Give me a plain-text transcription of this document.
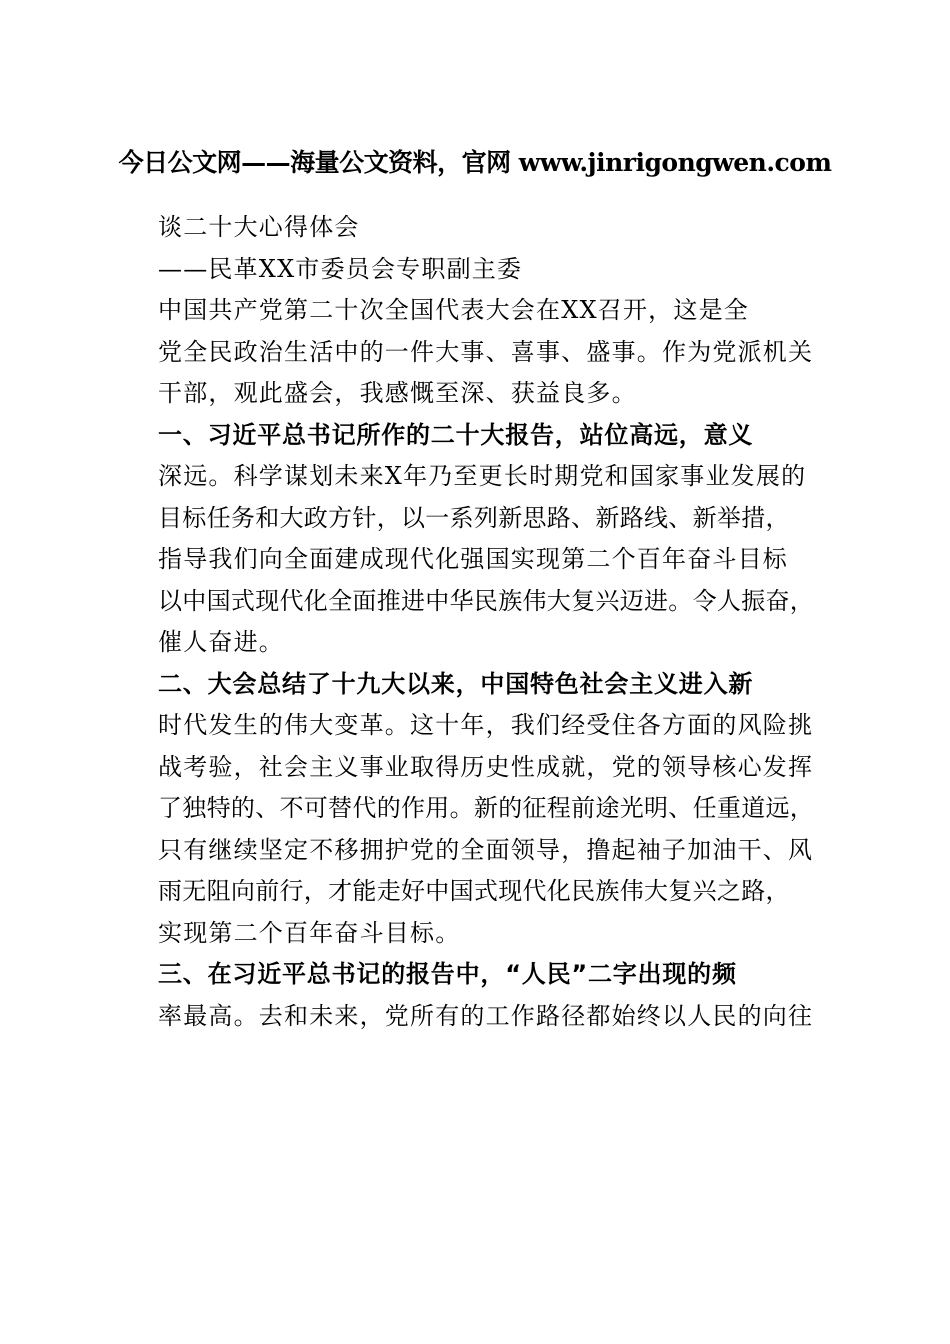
今日公文网——海量公文资料，官网 www.jinrigongwen.com
谈二十大心得体会
——民革XX市委员会专职副主委
中国共产党第二十次全国代表大会在XX召开，这是全
党全民政治生活中的一件大事、喜事、盛事。作为党派机关
干部，观此盛会，我感慨至深、获益良多。
一、习近平总书记所作的二十大报告，站位高远，意义
深远。科学谋划未来X年乃至更长时期党和国家事业发展的
目标任务和大政方针，以一系列新思路、新路线、新举措，
指导我们向全面建成现代化强国实现第二个百年奋斗目标
以中国式现代化全面推进中华民族伟大复兴迈进。令人振奋，
催人奋进。
二、大会总结了十九大以来，中国特色社会主义进入新
时代发生的伟大变革。这十年，我们经受住各方面的风险挑
战考验，社会主义事业取得历史性成就，党的领导核心发挥
了独特的、不可替代的作用。新的征程前途光明、任重道远，
只有继续坚定不移拥护党的全面领导，撸起袖子加油干、风
雨无阻向前行，才能走好中国式现代化民族伟大复兴之路，
实现第二个百年奋斗目标。
三、在习近平总书记的报告中，“人民”二字出现的频
率最高。去和未来，党所有的工作路径都始终以人民的向往
